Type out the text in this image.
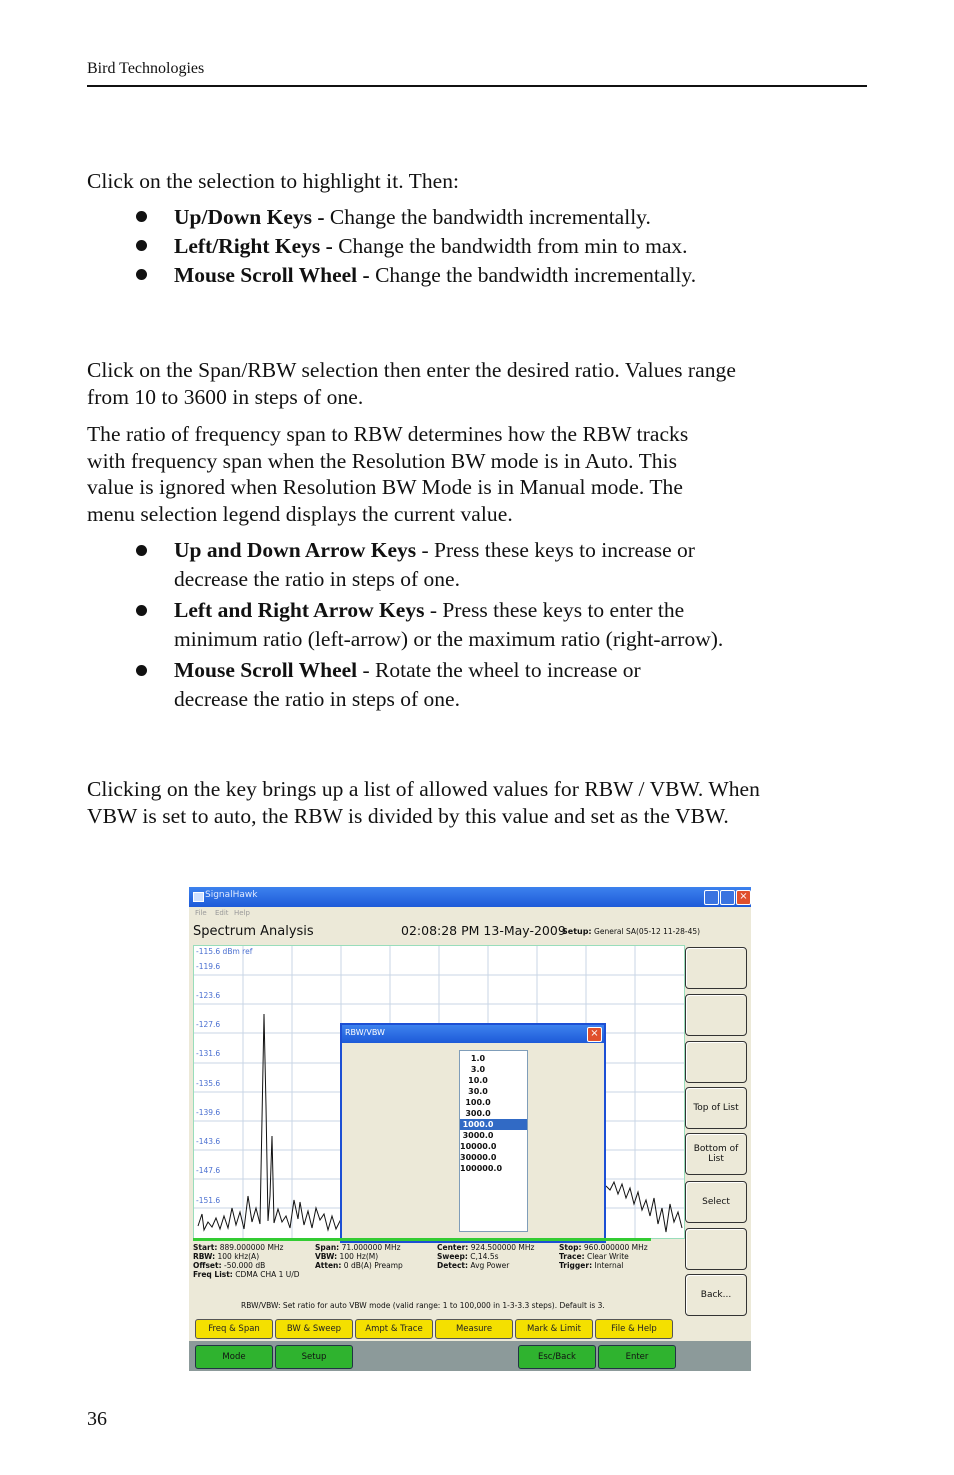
Bird Technologies
Click on the selection to highlight it. Then:
Up/Down Keys - Change the bandwidth incrementally.
Left/Right Keys - Change the bandwidth from min to max.
Mouse Scroll Wheel - Change the bandwidth incrementally.
Click on the Span/RBW selection then enter the desired ratio. Values range
from 10 to 3600 in steps of one.
The ratio of frequency span to RBW determines how the RBW tracks
with frequency span when the Resolution BW mode is in Auto. This
value is ignored when Resolution BW Mode is in Manual mode. The
menu selection legend displays the current value.
Up and Down Arrow Keys - Press these keys to increase or
decrease the ratio in steps of one.
Left and Right Arrow Keys - Press these keys to enter the
minimum ratio (left-arrow) or the maximum ratio (right-arrow).
Mouse Scroll Wheel - Rotate the wheel to increase or
decrease the ratio in steps of one.
Clicking on the key brings up a list of allowed values for RBW / VBW. When
VBW is set to auto, the RBW is divided by this value and set as the VBW.
SignalHawk	×
File Edit Help
Spectrum Analysis	02:08:28 PM 13-May-2009
Setup: General SA(05-12 11-28-45)
-115.6 dBm ref
-119.6
-123.6
-127.6
-131.6
-135.6
-139.6
-143.6
-147.6
-151.6
RBW/VBW	×
1.0
3.0
10.0
30.0
100.0
300.0
1000.0
3000.0
10000.0
30000.0
100000.0
Top of List
Bottom of List
Select
Back...
Start: 889.000000 MHz
RBW: 100 kHz(A)
Offset: -50.000 dB
Freq List: CDMA CHA 1 U/D
Span: 71.000000 MHz
VBW: 100 Hz(M)
Atten: 0 dB(A) Preamp
Center: 924.500000 MHz
Sweep: C,14.5s
Detect: Avg Power
Stop: 960.000000 MHz
Trace: Clear Write
Trigger: Internal
RBW/VBW: Set ratio for auto VBW mode (valid range: 1 to 100,000 in 1-3-3.3 steps). Default is 3.
Freq & Span	BW & Sweep	Ampt & Trace	Measure	Mark & Limit	File & Help
Mode	Setup	Esc/Back	Enter
36
